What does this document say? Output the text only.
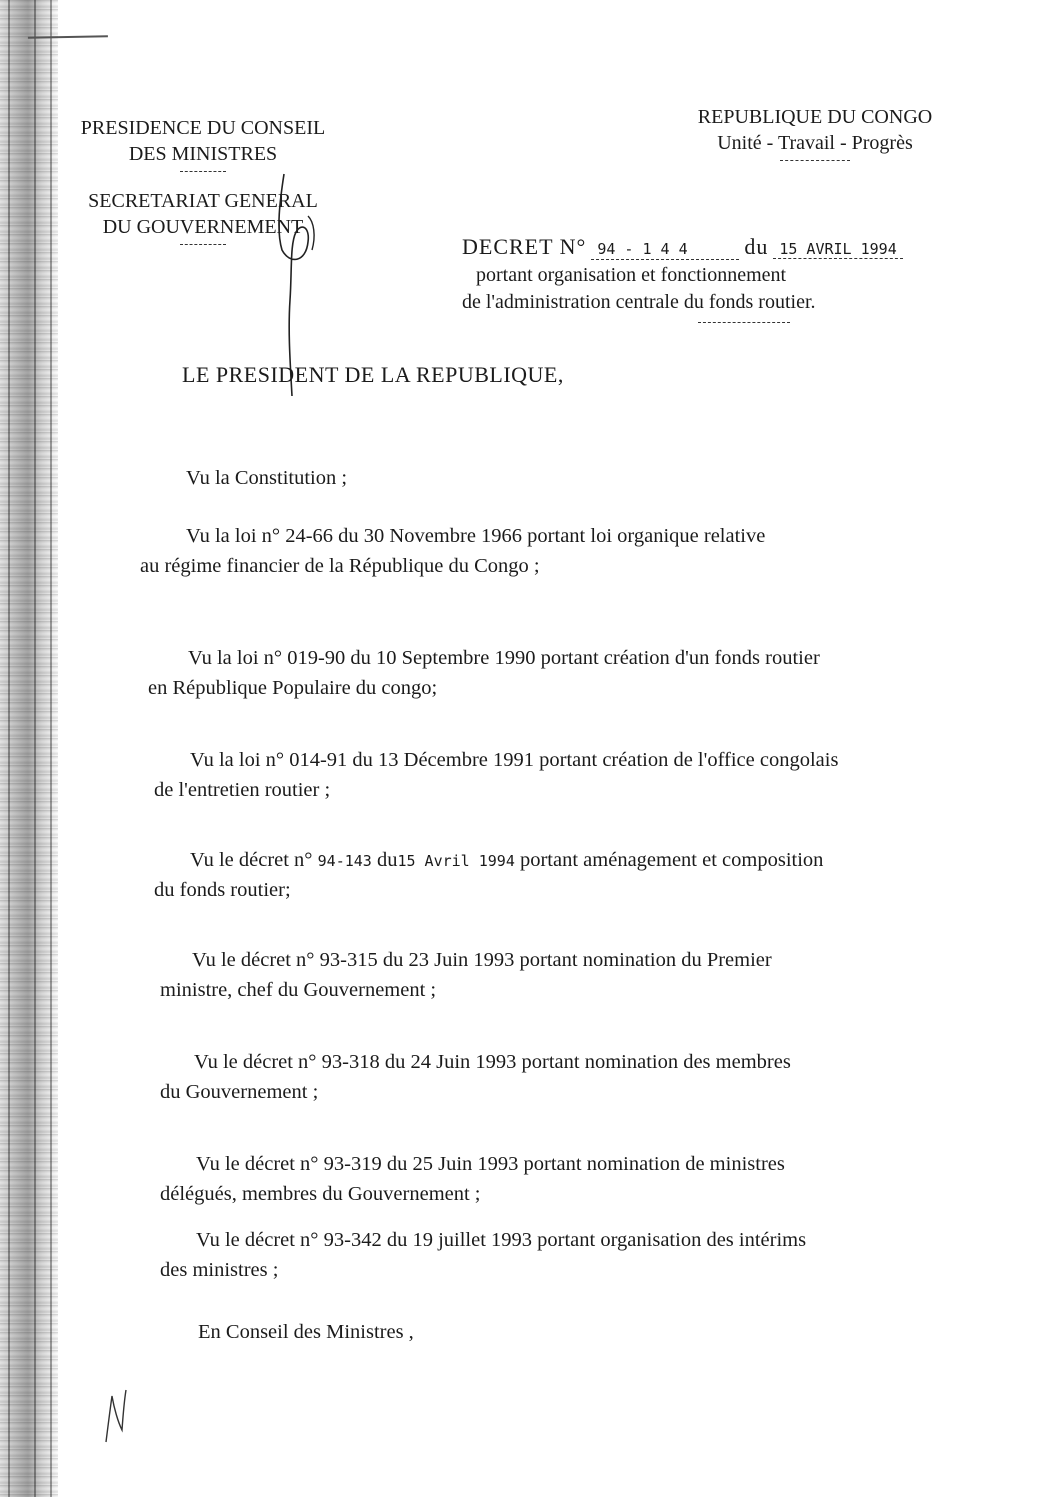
PRESIDENCE DU CONSEIL
DES MINISTRES
SECRETARIAT GENERAL
DU GOUVERNEMENT
REPUBLIQUE DU CONGO
Unité - Travail - Progrès
DECRET N° 94 - 1 4 4	du 15 AVRIL 1994
portant organisation et fonctionnement
de l'administration centrale du fonds routier.
LE PRESIDENT DE LA REPUBLIQUE,
Vu la Constitution ;
Vu la loi n° 24-66 du 30 Novembre 1966 portant loi organique relative
au régime financier de la République du Congo ;
Vu la loi n° 019-90 du 10 Septembre 1990 portant création d'un fonds routier
en République Populaire du congo;
Vu la loi n° 014-91 du 13 Décembre 1991 portant création de l'office congolais
de l'entretien routier ;
Vu le décret n° 94-143 du15 Avril 1994 portant aménagement et composition
du fonds routier;
Vu le décret n° 93-315 du 23 Juin 1993 portant nomination du Premier
ministre, chef du Gouvernement ;
Vu le décret n° 93-318 du 24 Juin 1993 portant nomination des membres
du Gouvernement ;
Vu le décret n° 93-319 du 25 Juin 1993 portant nomination de ministres
délégués, membres du Gouvernement ;
Vu le décret n° 93-342 du 19 juillet 1993 portant organisation des intérims
des ministres ;
En Conseil des Ministres ,
